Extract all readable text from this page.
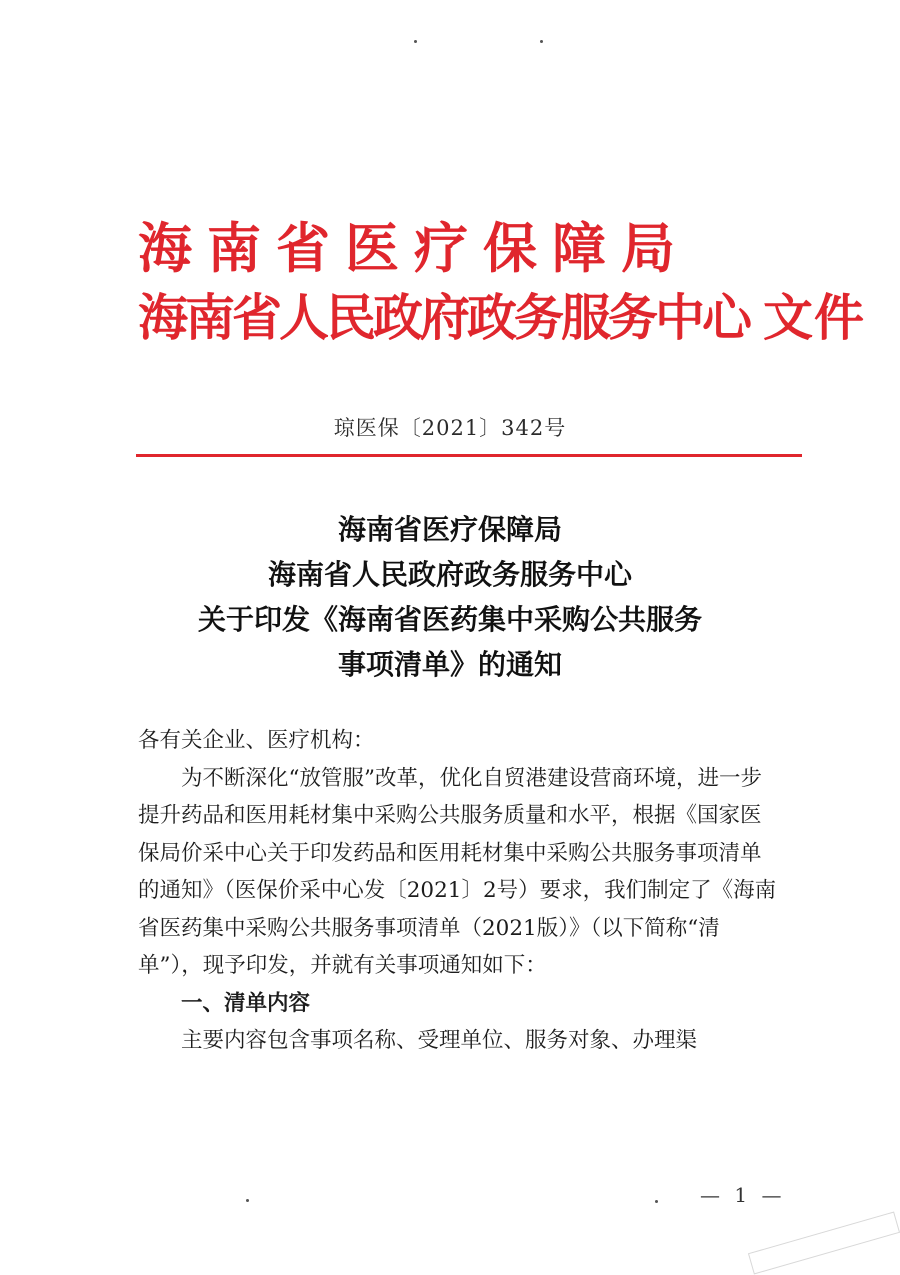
海南省医疗保障局
海南省人民政府政务服务中心 文件
琼医保〔2021〕342号
海南省医疗保障局
海南省人民政府政务服务中心
关于印发《海南省医药集中采购公共服务
事项清单》的通知

各有关企业、医疗机构：

为不断深化“放管服”改革，优化自贸港建设营商环境，进一步提升药品和医用耗材集中采购公共服务质量和水平，根据《国家医保局价采中心关于印发药品和医用耗材集中采购公共服务事项清单的通知》（医保价采中心发〔2021〕2号）要求，我们制定了《海南省医药集中采购公共服务事项清单（2021版）》（以下简称“清单”），现予印发，并就有关事项通知如下：

一、清单内容

主要内容包含事项名称、受理单位、服务对象、办理渠

— 1 —
